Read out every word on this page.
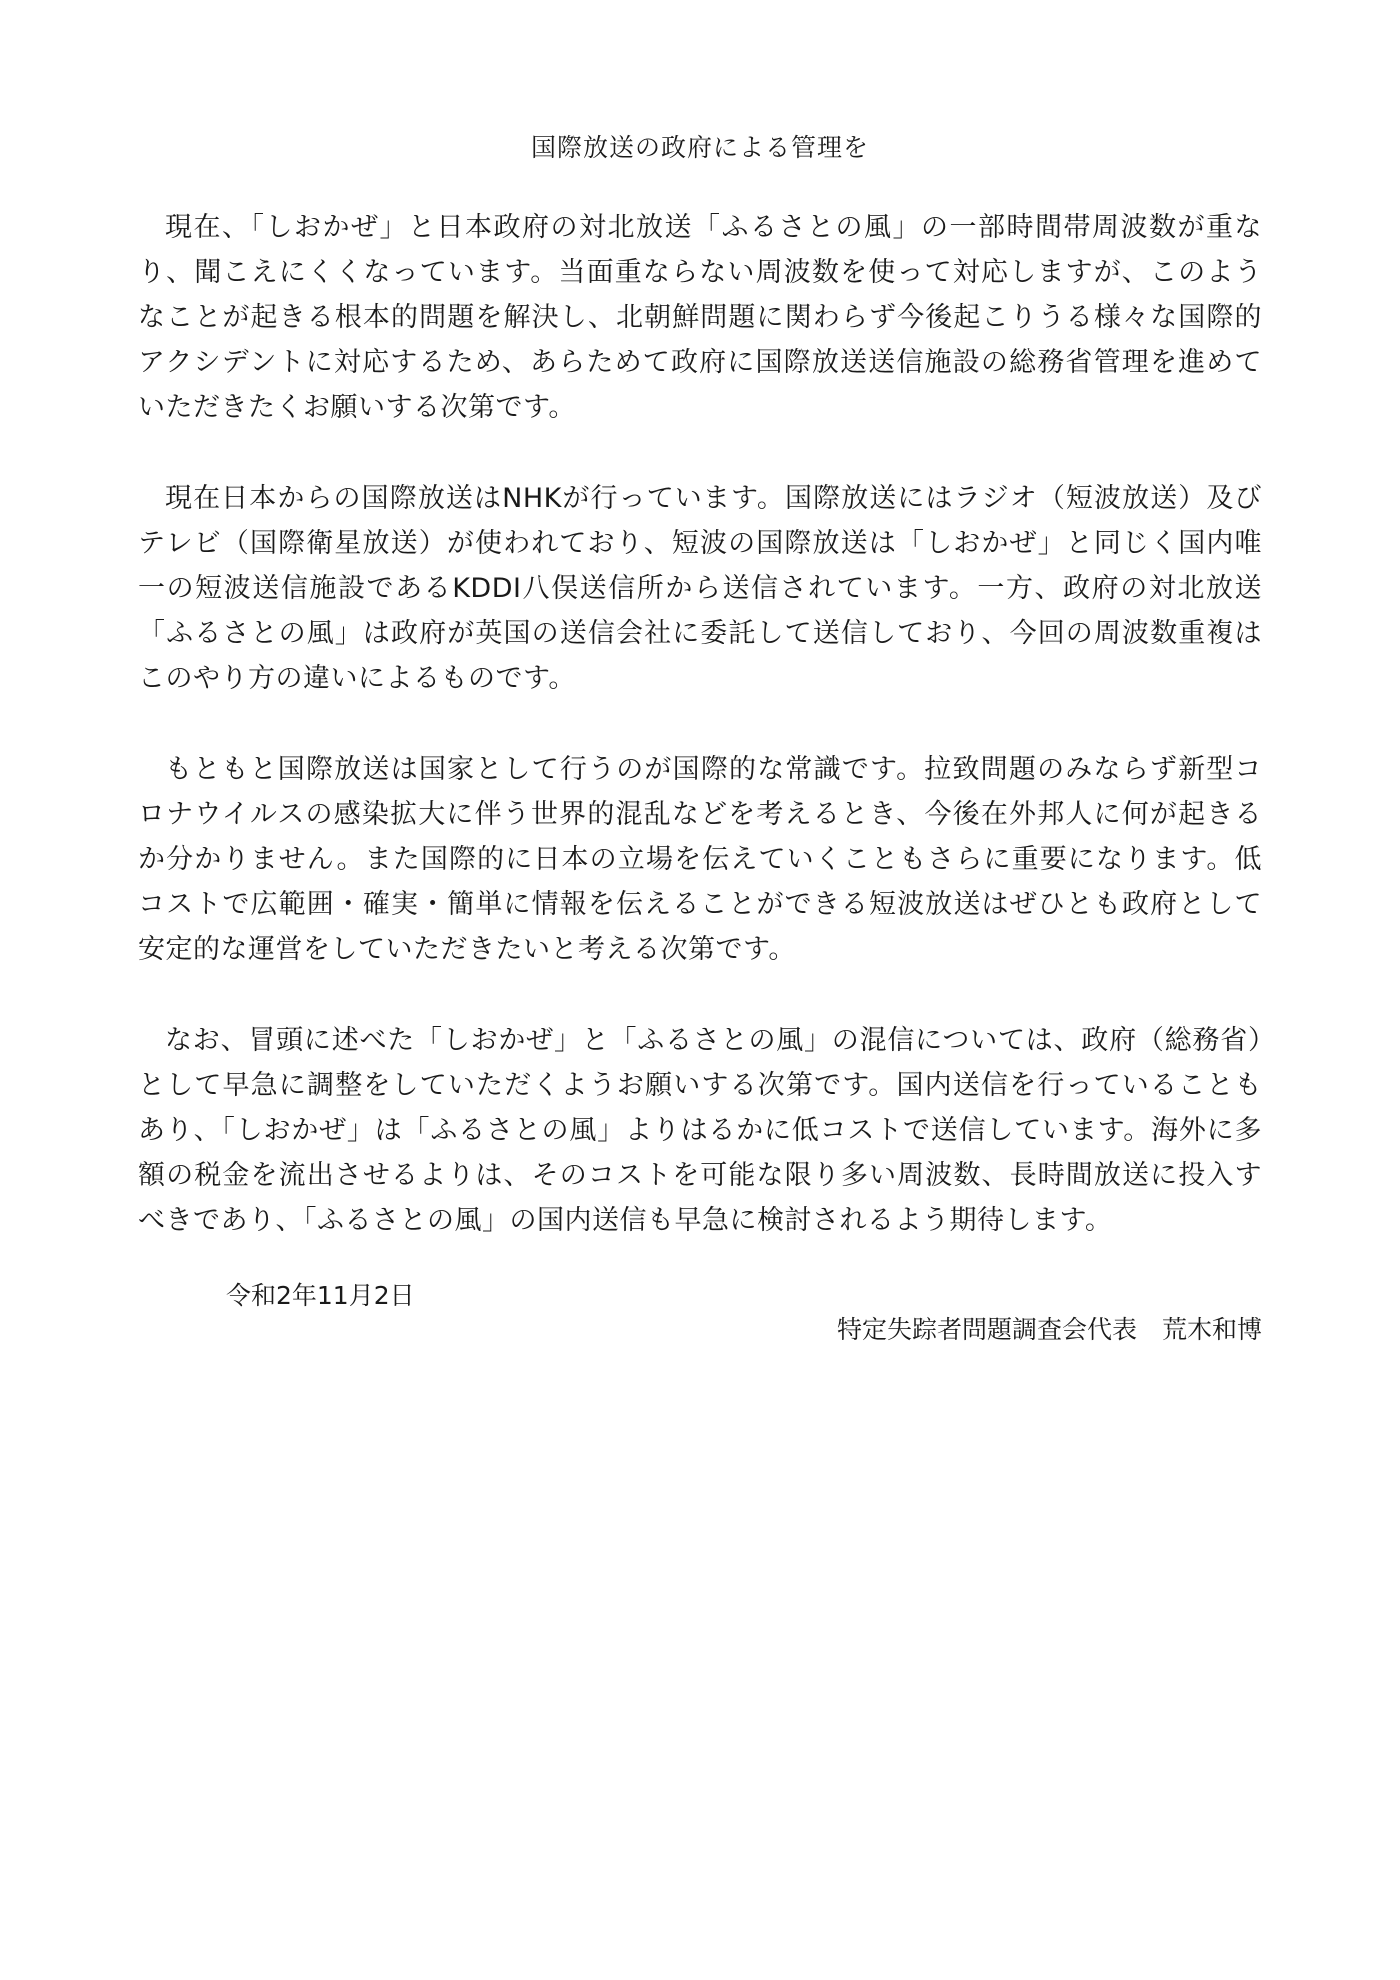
国際放送の政府による管理を

現在、「しおかぜ」と日本政府の対北放送「ふるさとの風」の一部時間帯周波数が重なり、聞こえにくくなっています。当面重ならない周波数を使って対応しますが、このようなことが起きる根本的問題を解決し、北朝鮮問題に関わらず今後起こりうる様々な国際的アクシデントに対応するため、あらためて政府に国際放送送信施設の総務省管理を進めていただきたくお願いする次第です。

現在日本からの国際放送はNHKが行っています。国際放送にはラジオ（短波放送）及びテレビ（国際衛星放送）が使われており、短波の国際放送は「しおかぜ」と同じく国内唯一の短波送信施設であるKDDI八俣送信所から送信されています。一方、政府の対北放送「ふるさとの風」は政府が英国の送信会社に委託して送信しており、今回の周波数重複はこのやり方の違いによるものです。

もともと国際放送は国家として行うのが国際的な常識です。拉致問題のみならず新型コロナウイルスの感染拡大に伴う世界的混乱などを考えるとき、今後在外邦人に何が起きるか分かりません。また国際的に日本の立場を伝えていくこともさらに重要になります。低コストで広範囲・確実・簡単に情報を伝えることができる短波放送はぜひとも政府として安定的な運営をしていただきたいと考える次第です。

なお、冒頭に述べた「しおかぜ」と「ふるさとの風」の混信については、政府（総務省）として早急に調整をしていただくようお願いする次第です。国内送信を行っていることもあり、「しおかぜ」は「ふるさとの風」よりはるかに低コストで送信しています。海外に多額の税金を流出させるよりは、そのコストを可能な限り多い周波数、長時間放送に投入すべきであり、「ふるさとの風」の国内送信も早急に検討されるよう期待します。

令和2年11月2日

特定失踪者問題調査会代表　荒木和博
